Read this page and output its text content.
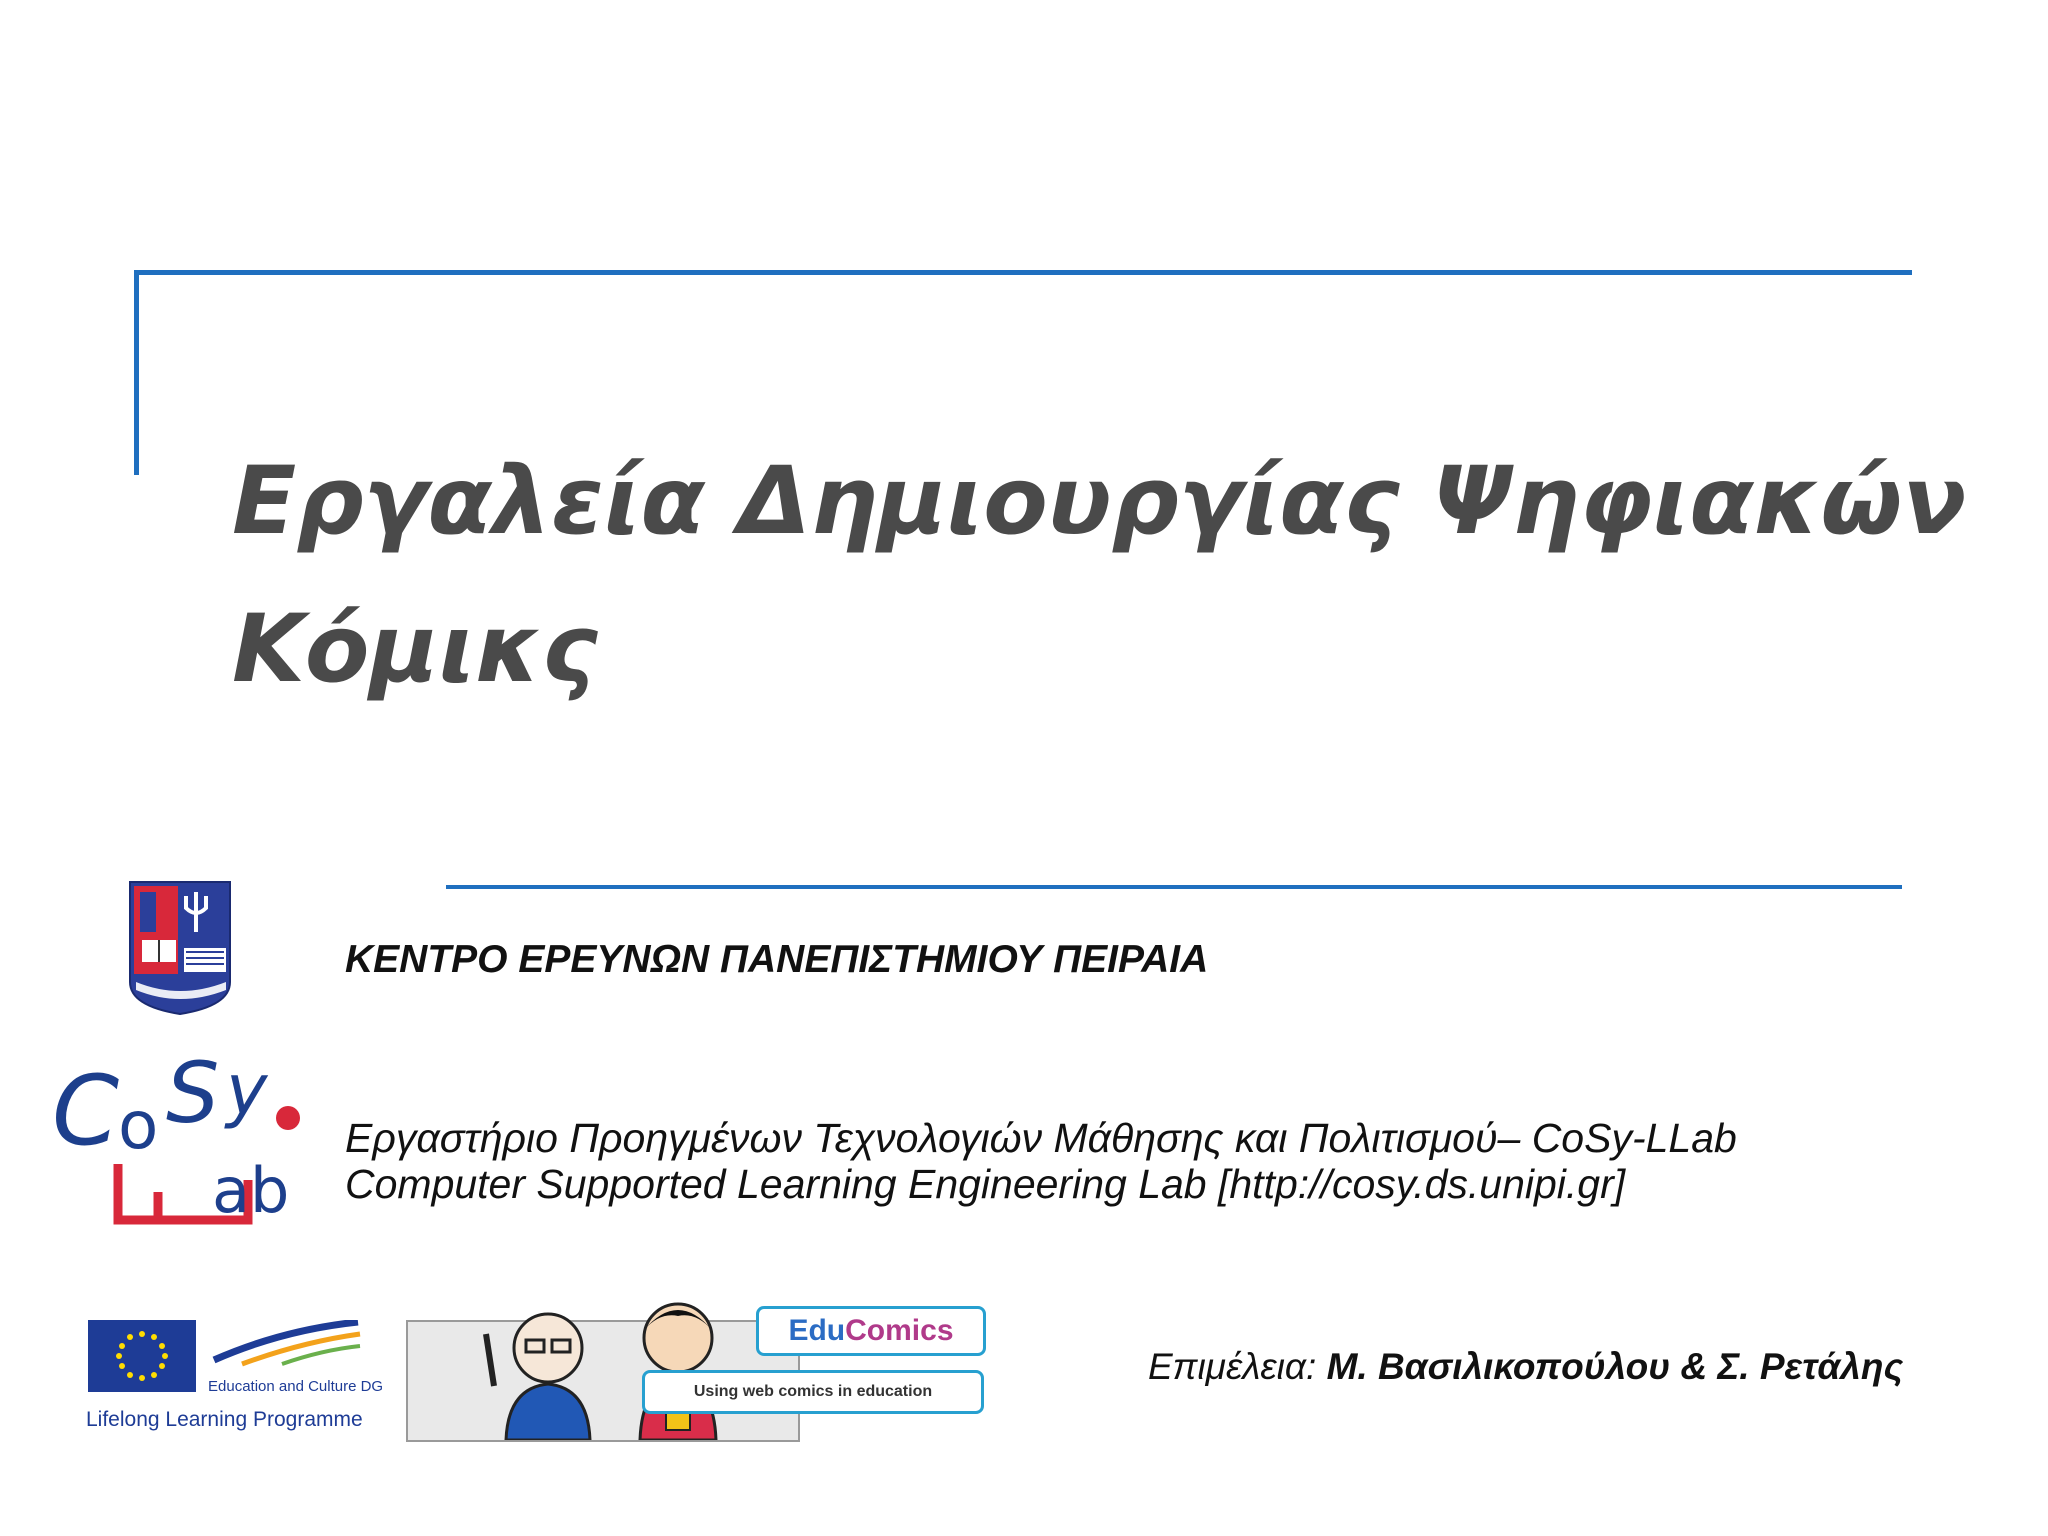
Εργαλεία Δημιουργίας Ψηφιακών
Κόμικς
ΚΕΝΤΡΟ ΕΡΕΥΝΩΝ ΠΑΝΕΠΙΣΤΗΜΙΟΥ ΠΕΙΡΑΙΑ
C
o S y
ab
Εργαστήριο Προηγμένων Τεχνολογιών Μάθησης και Πολιτισμού– CoSy-LLab
Computer Supported Learning Engineering Lab [http://cosy.ds.unipi.gr]
Education and Culture DG
Lifelong Learning Programme
EduComics
Using web comics in education
Επιμέλεια: Μ. Βασιλικοπούλου & Σ. Ρετάλης
